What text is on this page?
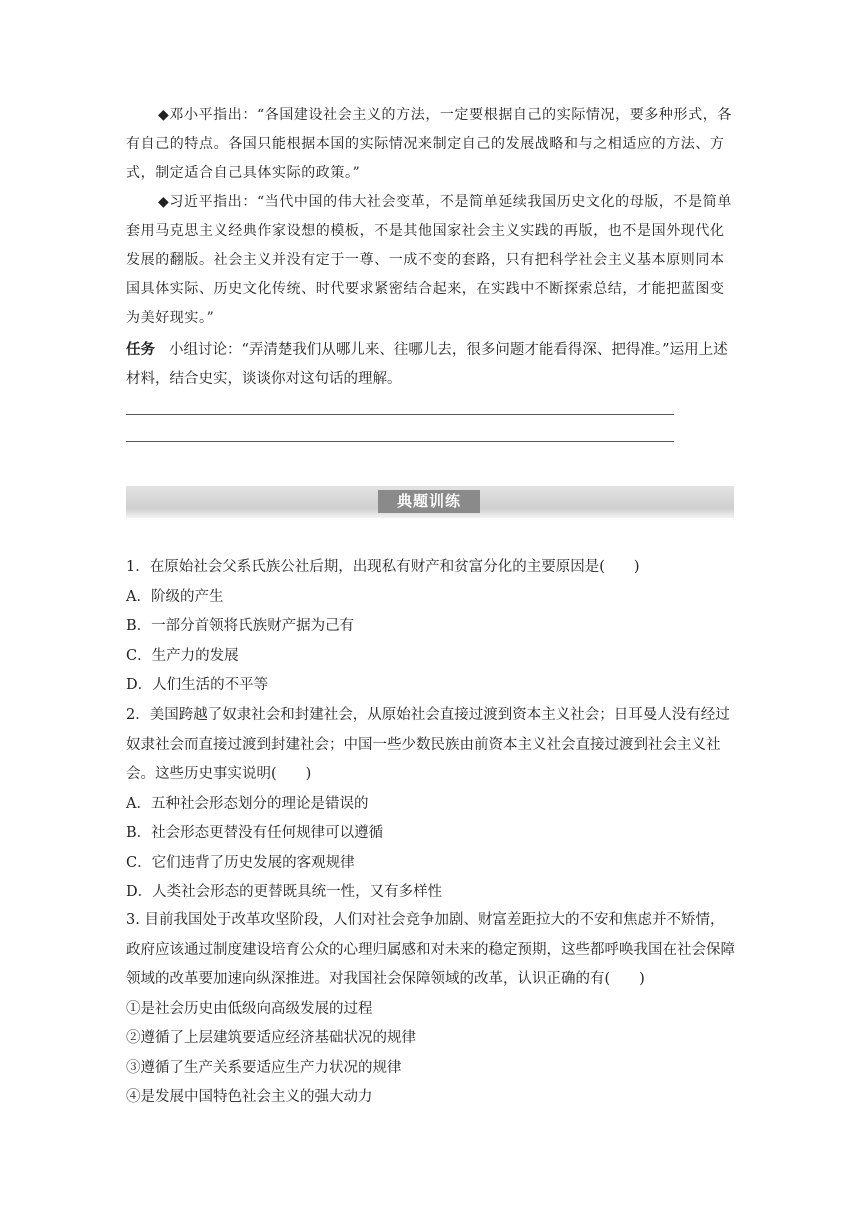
◆邓小平指出：“各国建设社会主义的方法，一定要根据自己的实际情况，要多种形式，各有自己的特点。各国只能根据本国的实际情况来制定自己的发展战略和与之相适应的方法、方式，制定适合自己具体实际的政策。”
◆习近平指出：“当代中国的伟大社会变革，不是简单延续我国历史文化的母版，不是简单套用马克思主义经典作家设想的模板，不是其他国家社会主义实践的再版，也不是国外现代化发展的翻版。社会主义并没有定于一尊、一成不变的套路，只有把科学社会主义基本原则同本国具体实际、历史文化传统、时代要求紧密结合起来，在实践中不断探索总结，才能把蓝图变为美好现实。”
任务 小组讨论：“弄清楚我们从哪儿来、往哪儿去，很多问题才能看得深、把得准。”运用上述材料，结合史实，谈谈你对这句话的理解。
典题训练
1．在原始社会父系氏族公社后期，出现私有财产和贫富分化的主要原因是(　　)
A．阶级的产生
B．一部分首领将氏族财产据为己有
C．生产力的发展
D．人们生活的不平等
2．美国跨越了奴隶社会和封建社会，从原始社会直接过渡到资本主义社会；日耳曼人没有经过奴隶社会而直接过渡到封建社会；中国一些少数民族由前资本主义社会直接过渡到社会主义社会。这些历史事实说明(　　)
A．五种社会形态划分的理论是错误的
B．社会形态更替没有任何规律可以遵循
C．它们违背了历史发展的客观规律
D．人类社会形态的更替既具统一性，又有多样性
3. 目前我国处于改革攻坚阶段，人们对社会竞争加剧、财富差距拉大的不安和焦虑并不矫情，政府应该通过制度建设培育公众的心理归属感和对未来的稳定预期，这些都呼唤我国在社会保障领域的改革要加速向纵深推进。对我国社会保障领域的改革，认识正确的有(　　)
①是社会历史由低级向高级发展的过程
②遵循了上层建筑要适应经济基础状况的规律
③遵循了生产关系要适应生产力状况的规律
④是发展中国特色社会主义的强大动力
